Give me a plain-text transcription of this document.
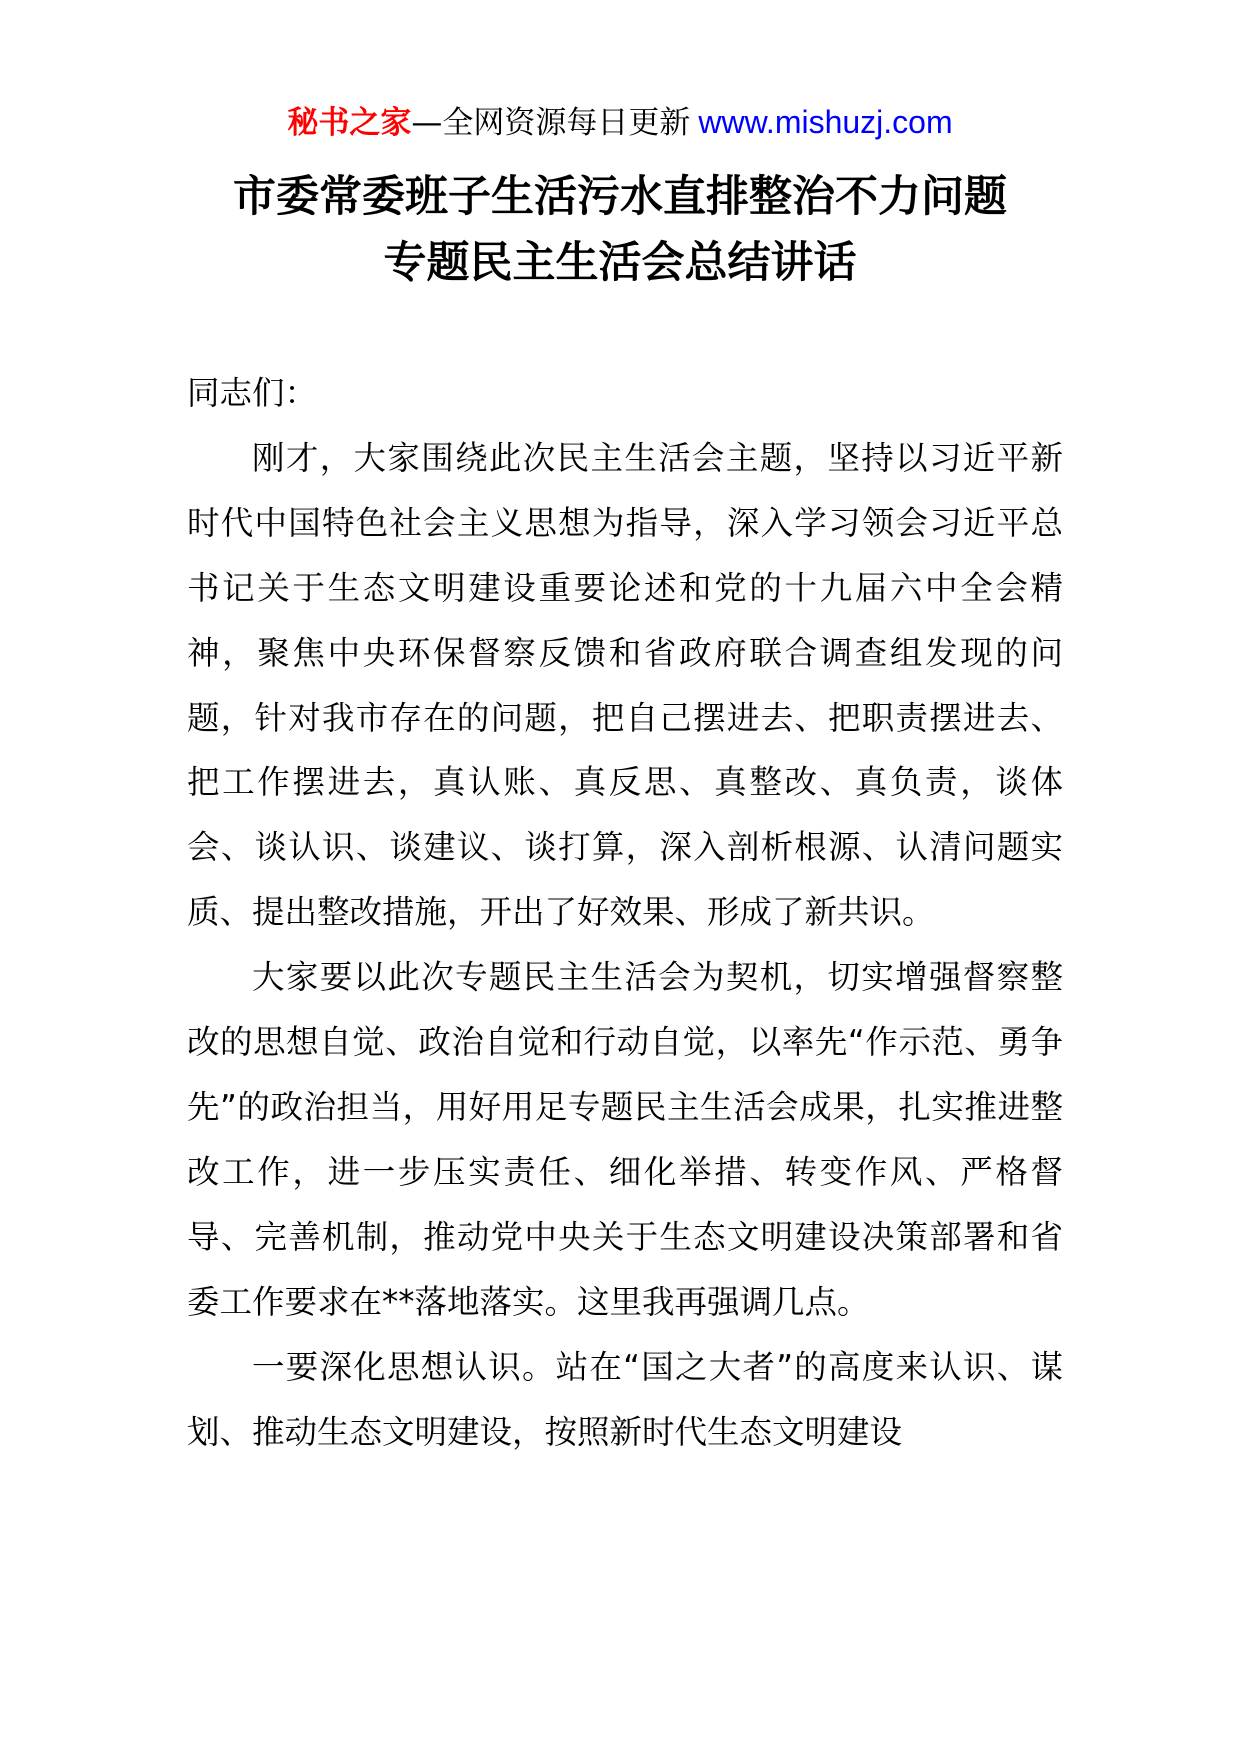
秘书之家—全网资源每日更新 www.mishuzj.com
市委常委班子生活污水直排整治不力问题
专题民主生活会总结讲话

同志们：

刚才，大家围绕此次民主生活会主题，坚持以习近平新时代中国特色社会主义思想为指导，深入学习领会习近平总书记关于生态文明建设重要论述和党的十九届六中全会精神，聚焦中央环保督察反馈和省政府联合调查组发现的问题，针对我市存在的问题，把自己摆进去、把职责摆进去、把工作摆进去，真认账、真反思、真整改、真负责，谈体会、谈认识、谈建议、谈打算，深入剖析根源、认清问题实质、提出整改措施，开出了好效果、形成了新共识。

大家要以此次专题民主生活会为契机，切实增强督察整改的思想自觉、政治自觉和行动自觉，以率先“作示范、勇争先”的政治担当，用好用足专题民主生活会成果，扎实推进整改工作，进一步压实责任、细化举措、转变作风、严格督导、完善机制，推动党中央关于生态文明建设决策部署和省委工作要求在**落地落实。这里我再强调几点。

一要深化思想认识。站在“国之大者”的高度来认识、谋划、推动生态文明建设，按照新时代生态文明建设
